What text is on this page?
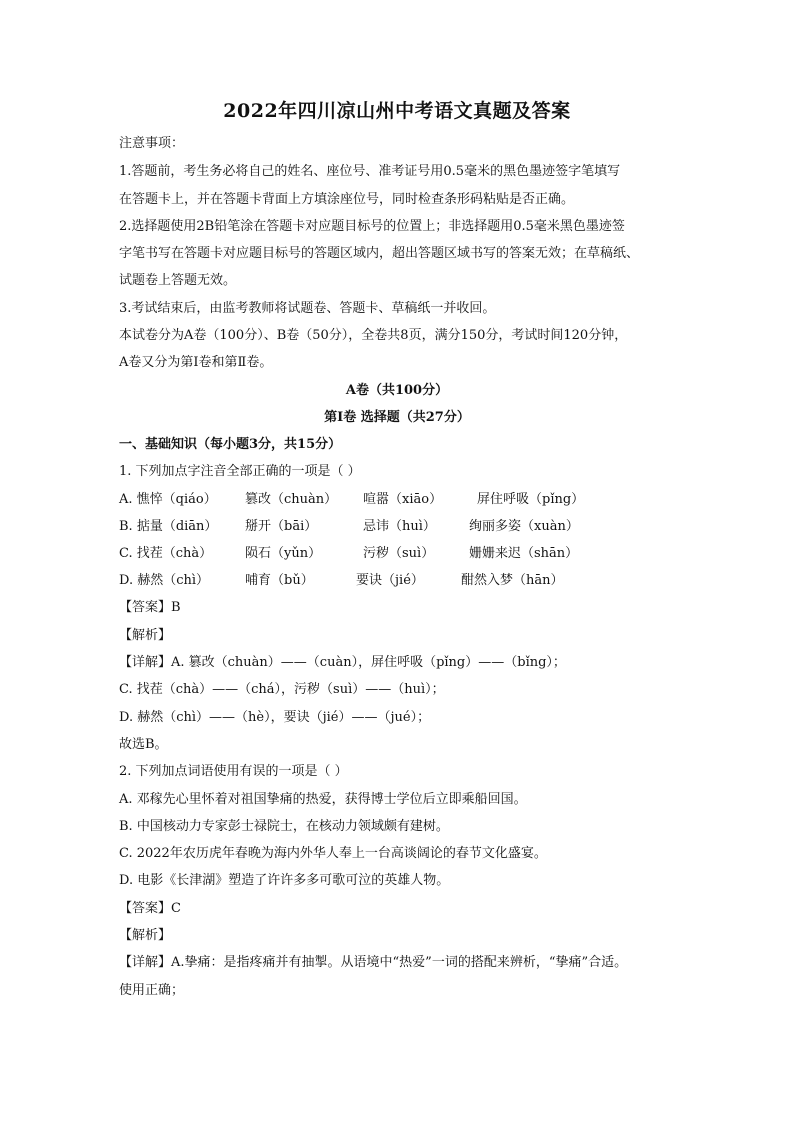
2022年四川凉山州中考语文真题及答案
注意事项：
1.答题前，考生务必将自己的姓名、座位号、准考证号用0.5毫米的黑色墨迹签字笔填写
在答题卡上，并在答题卡背面上方填涂座位号，同时检查条形码粘贴是否正确。
2.选择题使用2B铅笔涂在答题卡对应题目标号的位置上；非选择题用0.5毫米黑色墨迹签
字笔书写在答题卡对应题目标号的答题区域内，超出答题区域书写的答案无效；在草稿纸、
试题卷上答题无效。
3.考试结束后，由监考教师将试题卷、答题卡、草稿纸一并收回。
本试卷分为A卷（100分）、B卷（50分），全卷共8页，满分150分，考试时间120分钟，
A卷又分为第Ⅰ卷和第Ⅱ卷。
A卷（共100分）
第Ⅰ卷 选择题（共27分）
一、基础知识（每小题3分，共15分）
1. 下列加点字注音全部正确的一项是（ ）
A. 憔悴（qiáo） 篡改（chuàn） 喧嚣（xiāo）	屏住呼吸（pǐng）
B. 掂量（diān） 掰开（bāi）	忌讳（huì）	绚丽多姿（xuàn）
C. 找茬（chà）	陨石（yǔn）	污秽（suì）	姗姗来迟（shān）
D. 赫然（chì）	哺育（bǔ）	要诀（jié）	酣然入梦（hān）
【答案】B
【解析】
【详解】A. 篡改（chuàn）——（cuàn），屏住呼吸（pǐng）——（bǐng）；
C. 找茬（chà）——（chá），污秽（suì）——（huì）；
D. 赫然（chì）——（hè），要诀（jié）——（jué）；
故选B。
2. 下列加点词语使用有误的一项是（ ）
A. 邓稼先心里怀着对祖国挚痛的热爱，获得博士学位后立即乘船回国。
B. 中国核动力专家彭士禄院士，在核动力领域颇有建树。
C. 2022年农历虎年春晚为海内外华人奉上一台高谈阔论的春节文化盛宴。
D. 电影《长津湖》塑造了许许多多可歌可泣的英雄人物。
【答案】C
【解析】
【详解】A.挚痛：是指疼痛并有抽掣。从语境中“热爱”一词的搭配来辨析，“挚痛”合适。
使用正确；
